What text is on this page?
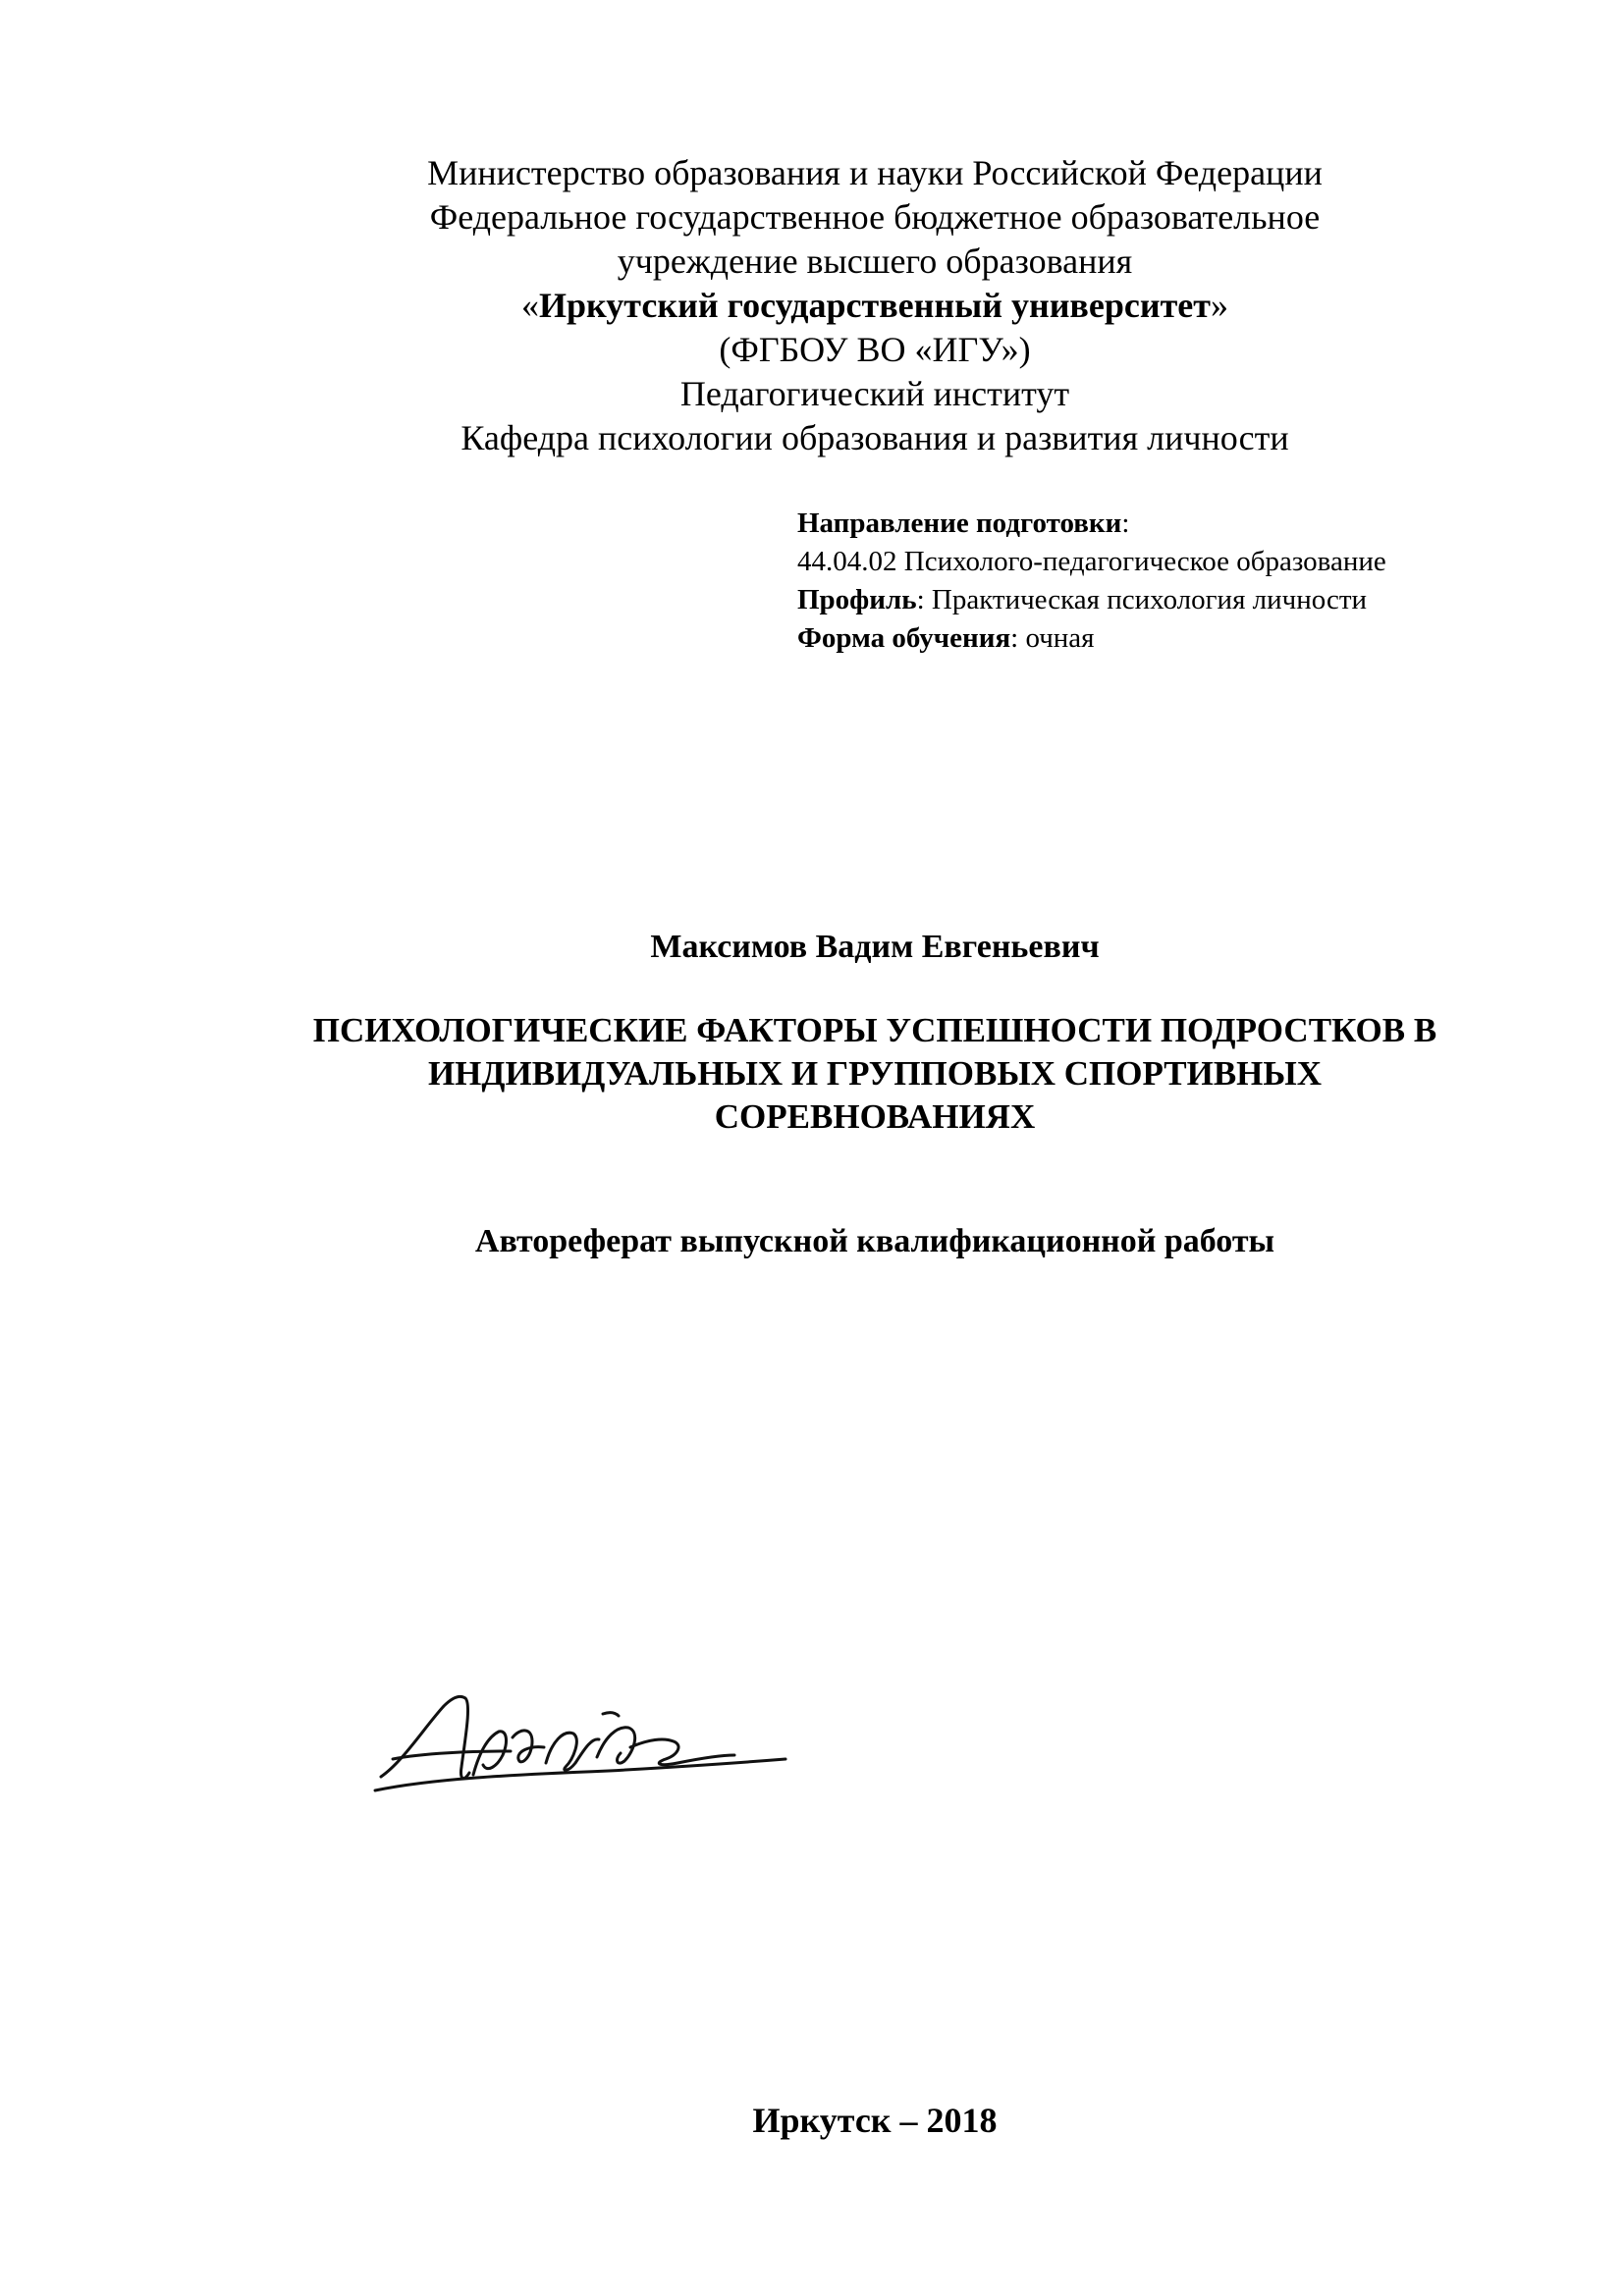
Министерство образования и науки Российской Федерации
Федеральное государственное бюджетное образовательное
учреждение высшего образования
«Иркутский государственный университет»
(ФГБОУ ВО «ИГУ»)
Педагогический институт
Кафедра психологии образования и развития личности
Направление подготовки:
44.04.02 Психолого-педагогическое образование
Профиль: Практическая психология личности
Форма обучения: очная
Максимов Вадим Евгеньевич
ПСИХОЛОГИЧЕСКИЕ ФАКТОРЫ УСПЕШНОСТИ ПОДРОСТКОВ В
ИНДИВИДУАЛЬНЫХ И ГРУППОВЫХ СПОРТИВНЫХ
СОРЕВНОВАНИЯХ
Автореферат выпускной квалификационной работы
Иркутск – 2018
